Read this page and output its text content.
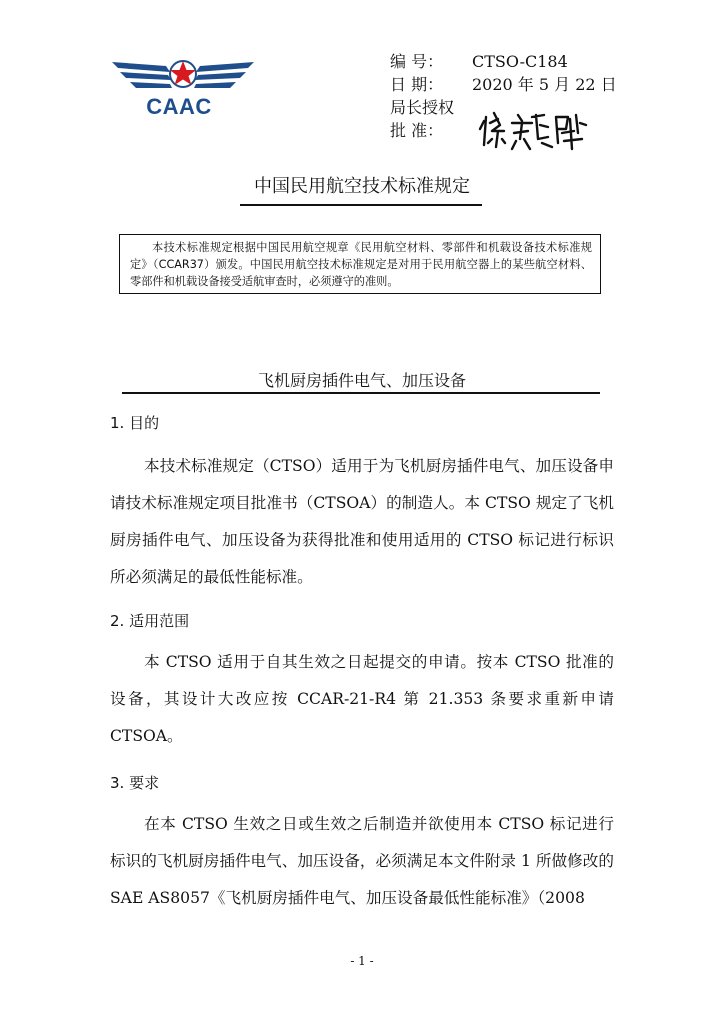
CAAC
编 号： CTSO-C184
日 期： 2020 年 5 月 22 日
局长授权
批 准：
中国民用航空技术标准规定
本技术标准规定根据中国民用航空规章《民用航空材料、零部件和机载设备技术标准规定》（CCAR37）颁发。中国民用航空技术标准规定是对用于民用航空器上的某些航空材料、零部件和机载设备接受适航审查时，必须遵守的准则。
飞机厨房插件电气、加压设备
1. 目的
本技术标准规定（CTSO）适用于为飞机厨房插件电气、加压设备申请技术标准规定项目批准书（CTSOA）的制造人。本 CTSO 规定了飞机厨房插件电气、加压设备为获得批准和使用适用的 CTSO 标记进行标识所必须满足的最低性能标准。
2. 适用范围
本 CTSO 适用于自其生效之日起提交的申请。按本 CTSO 批准的设备，其设计大改应按 CCAR-21-R4 第 21.353 条要求重新申请 CTSOA。
3. 要求
在本 CTSO 生效之日或生效之后制造并欲使用本 CTSO 标记进行标识的飞机厨房插件电气、加压设备，必须满足本文件附录 1 所做修改的 SAE AS8057《飞机厨房插件电气、加压设备最低性能标准》（2008
- 1 -
